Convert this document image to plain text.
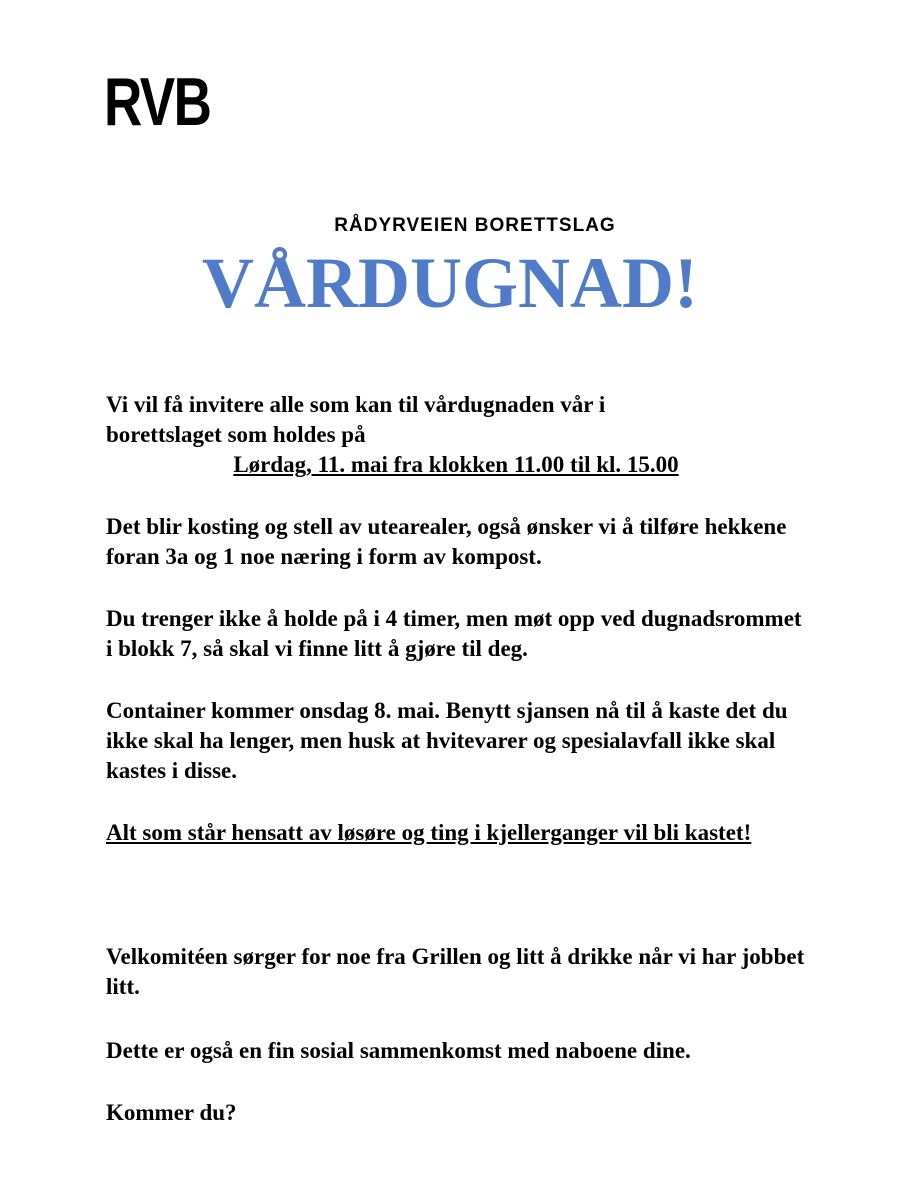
RVB
RÅDYRVEIEN BORETTSLAG
VÅRDUGNAD!

Vi vil få invitere alle som kan til vårdugnaden vår i

borettslaget som holdes på

Lørdag, 11. mai fra klokken 11.00 til kl. 15.00

Det blir kosting og stell av utearealer, også ønsker vi å tilføre hekkene foran 3a og 1 noe næring i form av kompost.

Du trenger ikke å holde på i 4 timer, men møt opp ved dugnadsrommet i blokk 7, så skal vi finne litt å gjøre til deg.

Container kommer onsdag 8. mai. Benytt sjansen nå til å kaste det du ikke skal ha lenger, men husk at hvitevarer og spesialavfall ikke skal kastes i disse.

Alt som står hensatt av løsøre og ting i kjellerganger vil bli kastet!

Velkomitéen sørger for noe fra Grillen og litt å drikke når vi har jobbet litt.

Dette er også en fin sosial sammenkomst med naboene dine.

Kommer du?
